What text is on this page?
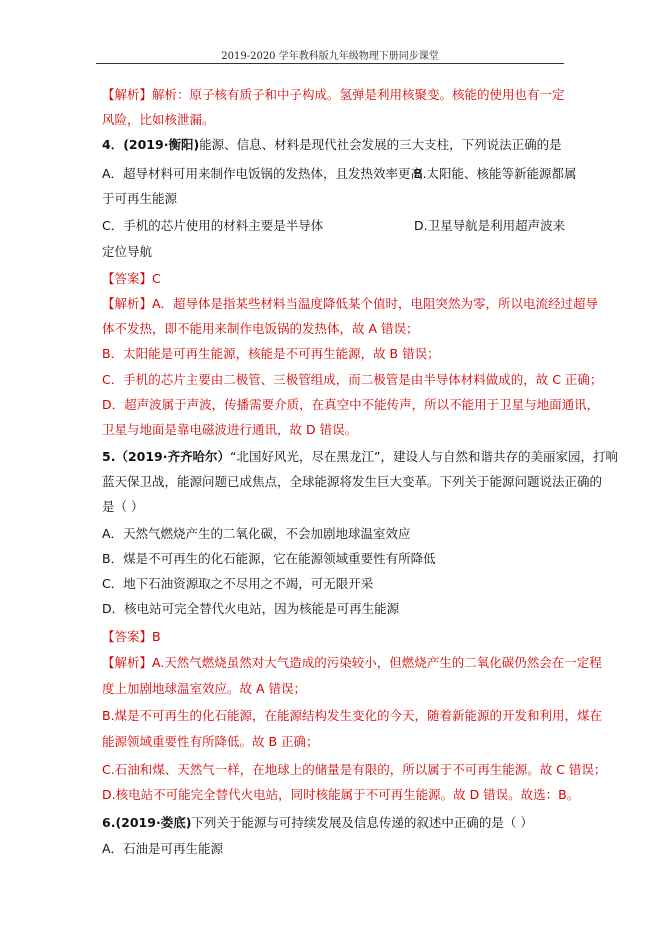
2019-2020 学年教科版九年级物理下册同步课堂
【解析】解析：原子核有质子和中子构成。氢弹是利用核聚变。核能的使用也有一定
风险，比如核泄漏。
4．(2019·衡阳)能源、信息、材料是现代社会发展的三大支柱，下列说法正确的是
A．超导材料可用来制作电饭锅的发热体，且发热效率更高
B.太阳能、核能等新能源都属
于可再生能源
C．手机的芯片使用的材料主要是半导体	D.卫星导航是利用超声波来
定位导航
【答案】C
【解析】A．超导体是指某些材料当温度降低某个值时，电阻突然为零，所以电流经过超导
体不发热，即不能用来制作电饭锅的发热体，故 A 错误；
B．太阳能是可再生能源，核能是不可再生能源，故 B 错误；
C．手机的芯片主要由二极管、三极管组成，而二极管是由半导体材料做成的，故 C 正确；
D．超声波属于声波，传播需要介质，在真空中不能传声，所以不能用于卫星与地面通讯，
卫星与地面是靠电磁波进行通讯，故 D 错误。
5.（2019·齐齐哈尔）“北国好风光，尽在黑龙江”，建设人与自然和谐共存的美丽家园，打响
蓝天保卫战，能源问题已成焦点，全球能源将发生巨大变革。下列关于能源问题说法正确的
是（ ）
A．天然气燃烧产生的二氧化碳，不会加剧地球温室效应
B．煤是不可再生的化石能源，它在能源领域重要性有所降低
C．地下石油资源取之不尽用之不竭，可无限开采
D．核电站可完全替代火电站，因为核能是可再生能源
【答案】B
【解析】A.天然气燃烧虽然对大气造成的污染较小，但燃烧产生的二氧化碳仍然会在一定程
度上加剧地球温室效应。故 A 错误；
B.煤是不可再生的化石能源，在能源结构发生变化的今天，随着新能源的开发和利用，煤在
能源领域重要性有所降低。故 B 正确；
C.石油和煤、天然气一样，在地球上的储量是有限的，所以属于不可再生能源。故 C 错误；
D.核电站不可能完全替代火电站，同时核能属于不可再生能源。故 D 错误。故选：B。
6.(2019·娄底)下列关于能源与可持续发展及信息传递的叙述中正确的是（ ）
A．石油是可再生能源
